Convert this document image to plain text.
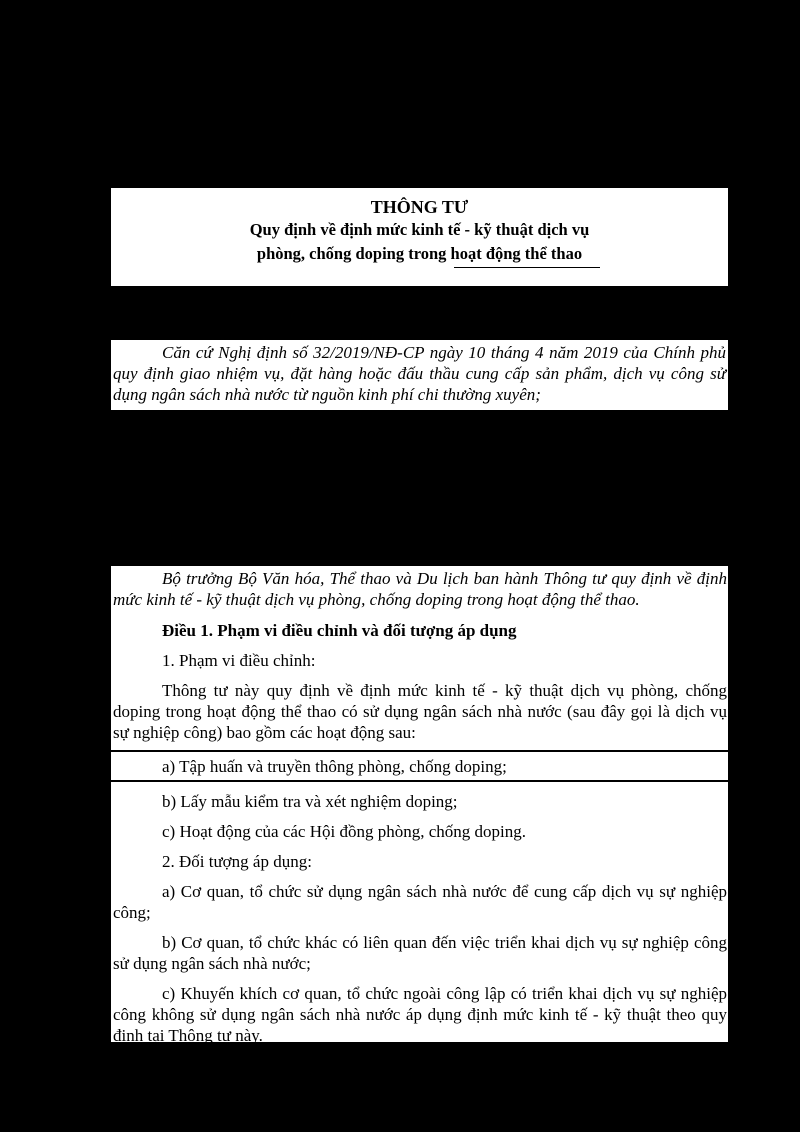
THÔNG TƯ
Quy định về định mức kinh tế - kỹ thuật dịch vụ
phòng, chống doping trong hoạt động thể thao

Căn cứ Nghị định số 32/2019/NĐ-CP ngày 10 tháng 4 năm 2019 của Chính phủ quy định giao nhiệm vụ, đặt hàng hoặc đấu thầu cung cấp sản phẩm, dịch vụ công sử dụng ngân sách nhà nước từ nguồn kinh phí chi thường xuyên;

Bộ trưởng Bộ Văn hóa, Thể thao và Du lịch ban hành Thông tư quy định về định mức kinh tế - kỹ thuật dịch vụ phòng, chống doping trong hoạt động thể thao.

Điều 1. Phạm vi điều chỉnh và đối tượng áp dụng

1. Phạm vi điều chỉnh:

Thông tư này quy định về định mức kinh tế - kỹ thuật dịch vụ phòng, chống doping trong hoạt động thể thao có sử dụng ngân sách nhà nước (sau đây gọi là dịch vụ sự nghiệp công) bao gồm các hoạt động sau:

a) Tập huấn và truyền thông phòng, chống doping;

b) Lấy mẫu kiểm tra và xét nghiệm doping;

c) Hoạt động của các Hội đồng phòng, chống doping.

2. Đối tượng áp dụng:

a) Cơ quan, tổ chức sử dụng ngân sách nhà nước để cung cấp dịch vụ sự nghiệp công;

b) Cơ quan, tổ chức khác có liên quan đến việc triển khai dịch vụ sự nghiệp công sử dụng ngân sách nhà nước;

c) Khuyến khích cơ quan, tổ chức ngoài công lập có triển khai dịch vụ sự nghiệp công không sử dụng ngân sách nhà nước áp dụng định mức kinh tế - kỹ thuật theo quy định tại Thông tư này.
